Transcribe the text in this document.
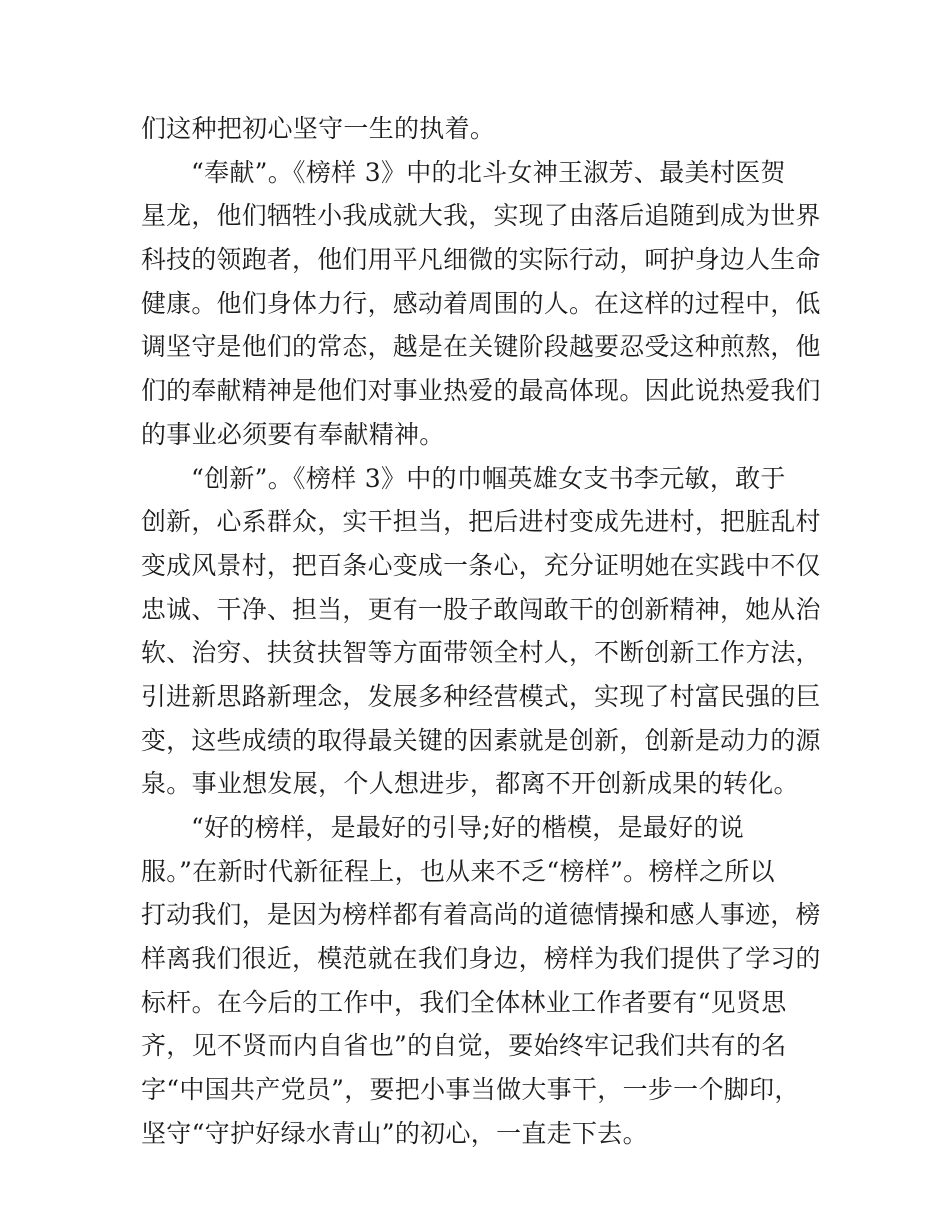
们这种把初心坚守一生的执着。
“奉献”。《榜样 3》中的北斗女神王淑芳、最美村医贺
星龙，他们牺牲小我成就大我，实现了由落后追随到成为世界
科技的领跑者，他们用平凡细微的实际行动，呵护身边人生命
健康。他们身体力行，感动着周围的人。在这样的过程中，低
调坚守是他们的常态，越是在关键阶段越要忍受这种煎熬，他
们的奉献精神是他们对事业热爱的最高体现。因此说热爱我们
的事业必须要有奉献精神。
“创新”。《榜样 3》中的巾帼英雄女支书李元敏，敢于
创新，心系群众，实干担当，把后进村变成先进村，把脏乱村
变成风景村，把百条心变成一条心，充分证明她在实践中不仅
忠诚、干净、担当，更有一股子敢闯敢干的创新精神，她从治
软、治穷、扶贫扶智等方面带领全村人，不断创新工作方法，
引进新思路新理念，发展多种经营模式，实现了村富民强的巨
变，这些成绩的取得最关键的因素就是创新，创新是动力的源
泉。事业想发展，个人想进步，都离不开创新成果的转化。
“好的榜样，是最好的引导;好的楷模，是最好的说
服。”在新时代新征程上，也从来不乏“榜样”。榜样之所以
打动我们，是因为榜样都有着高尚的道德情操和感人事迹，榜
样离我们很近，模范就在我们身边，榜样为我们提供了学习的
标杆。在今后的工作中，我们全体林业工作者要有“见贤思
齐，见不贤而内自省也”的自觉，要始终牢记我们共有的名
字“中国共产党员”，要把小事当做大事干，一步一个脚印，
坚守“守护好绿水青山”的初心，一直走下去。
